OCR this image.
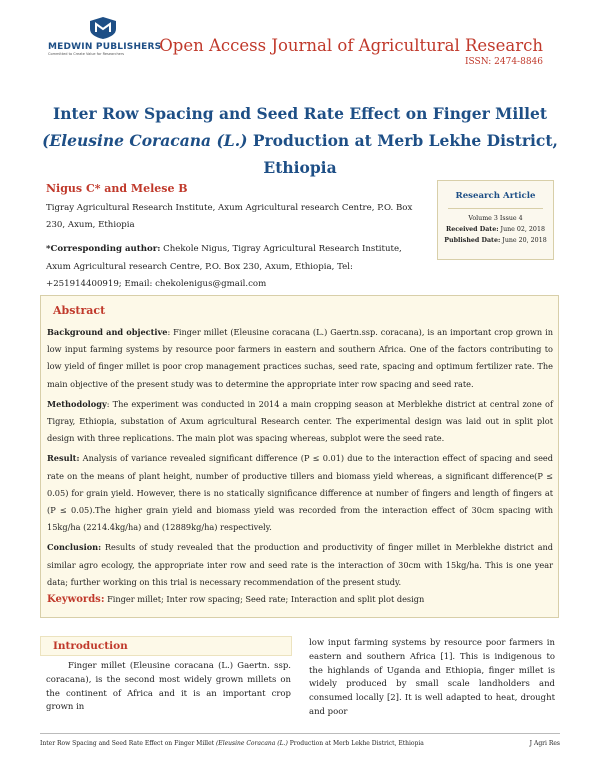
MEDWIN PUBLISHERS
Committed to Create Value for Researchers	Open Access Journal of Agricultural Research
ISSN: 2474-8846
Inter Row Spacing and Seed Rate Effect on Finger Millet (Eleusine Coracana (L.) Production at Merb Lekhe District, Ethiopia
Nigus C* and Melese B
Tigray Agricultural Research Institute, Axum Agricultural research Centre, P.O. Box 230, Axum, Ethiopia
*Corresponding author: Chekole Nigus, Tigray Agricultural Research Institute, Axum Agricultural research Centre, P.O. Box 230, Axum, Ethiopia, Tel: +251914400919; Email: chekolenigus@gmail.com
Research Article
Volume 3 Issue 4
Received Date: June 02, 2018
Published Date: June 20, 2018
Abstract

Background and objective: Finger millet (Eleusine coracana (L.) Gaertn.ssp. coracana), is an important crop grown in low input farming systems by resource poor farmers in eastern and southern Africa. One of the factors contributing to low yield of finger millet is poor crop management practices suchas, seed rate, spacing and optimum fertilizer rate. The main objective of the present study was to determine the appropriate inter row spacing and seed rate.

Methodology: The experiment was conducted in 2014 a main cropping season at Merblekhe district at central zone of Tigray, Ethiopia, substation of Axum agricultural Research center. The experimental design was laid out in split plot design with three replications. The main plot was spacing whereas, subplot were the seed rate.

Result: Analysis of variance revealed significant difference (P ≤ 0.01) due to the interaction effect of spacing and seed rate on the means of plant height, number of productive tillers and biomass yield whereas, a significant difference(P ≤ 0.05) for grain yield. However, there is no statically significance difference at number of fingers and length of fingers at (P ≤ 0.05).The higher grain yield and biomass yield was recorded from the interaction effect of 30cm spacing with 15kg/ha (2214.4kg/ha) and (12889kg/ha) respectively.

Conclusion: Results of study revealed that the production and productivity of finger millet in Merblekhe district and similar agro ecology, the appropriate inter row and seed rate is the interaction of 30cm with 15kg/ha. This is one year data; further working on this trial is necessary recommendation of the present study.

Keywords: Finger millet; Inter row spacing; Seed rate; Interaction and split plot design
Introduction
Finger millet (Eleusine coracana (L.) Gaertn. ssp. coracana), is the second most widely grown millets on the continent of Africa and it is an important crop grown in
low input farming systems by resource poor farmers in eastern and southern Africa [1]. This is indigenous to the highlands of Uganda and Ethiopia, finger millet is widely produced by small scale landholders and consumed locally [2]. It is well adapted to heat, drought and poor
Inter Row Spacing and Seed Rate Effect on Finger Millet (Eleusine Coracana (L.) Production at Merb Lekhe District, Ethiopia	J Agri Res
